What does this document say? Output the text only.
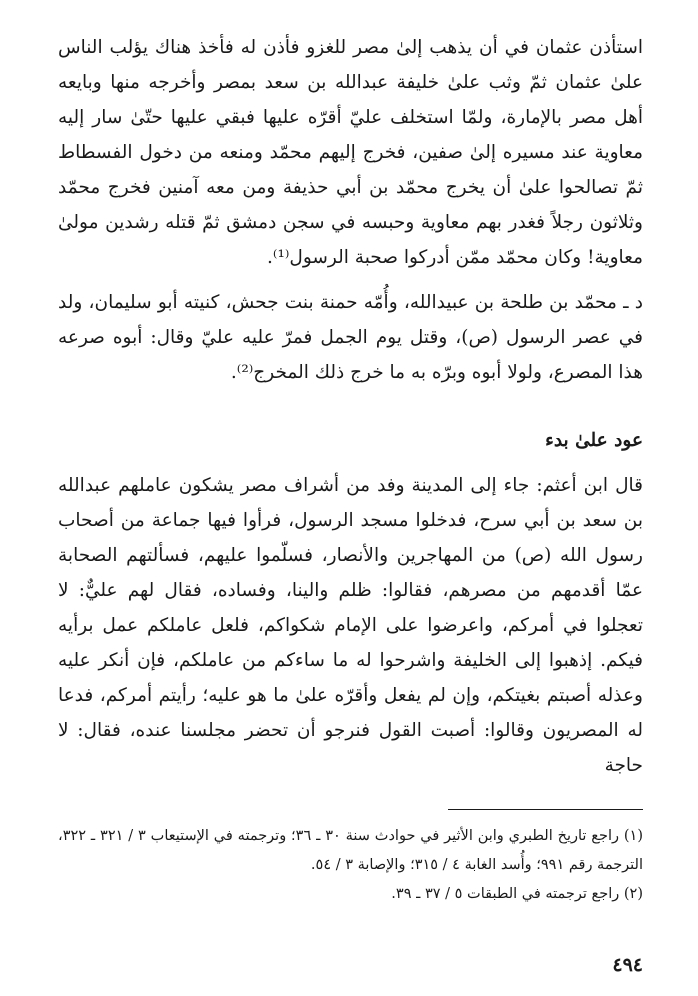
استأذن عثمان في أن يذهب إلىٰ مصر للغزو فأذن له فأخذ هناك يؤلب الناس علىٰ عثمان ثمّ وثب علىٰ خليفة عبدالله بن سعد بمصر وأخرجه منها وبايعه أهل مصر بالإمارة، ولمّا استخلف عليّ أقرّه عليها فبقي عليها حتّىٰ سار إليه معاوية عند مسيره إلىٰ صفين، فخرج إليهم محمّد ومنعه من دخول الفسطاط ثمّ تصالحوا علىٰ أن يخرج محمّد بن أبي حذيفة ومن معه آمنين فخرج محمّد وثلاثون رجلاً فغدر بهم معاوية وحبسه في سجن دمشق ثمّ قتله رشدين مولىٰ معاوية! وكان محمّد ممّن أدركوا صحبة الرسول⁽¹⁾.

د ـ محمّد بن طلحة بن عبيدالله، وأُمّه حمنة بنت جحش، كنيته أبو سليمان، ولد في عصر الرسول (ص)، وقتل يوم الجمل فمرّ عليه عليّ وقال: أبوه صرعه هذا المصرع، ولولا أبوه وبرّه به ما خرج ذلك المخرج⁽²⁾.

عود علىٰ بدء

قال ابن أعثم: جاء إلى المدينة وفد من أشراف مصر يشكون عاملهم عبدالله بن سعد بن أبي سرح، فدخلوا مسجد الرسول، فرأوا فيها جماعة من أصحاب رسول الله (ص) من المهاجرين والأنصار، فسلّموا عليهم، فسألتهم الصحابة عمّا أقدمهم من مصرهم، فقالوا: ظلم والينا، وفساده، فقال لهم عليٌّ: لا تعجلوا في أمركم، واعرضوا على الإمام شكواكم، فلعل عاملكم عمل برأيه فيكم. إذهبوا إلى الخليفة واشرحوا له ما ساءكم من عاملكم، فإن أنكر عليه وعذله أصبتم بغيتكم، وإن لم يفعل وأقرّه علىٰ ما هو عليه؛ رأيتم أمركم، فدعا له المصريون وقالوا: أصبت القول فنرجو أن تحضر مجلسنا عنده، فقال: لا حاجة

(١) راجع تاريخ الطبري وابن الأثير في حوادث سنة ٣٠ ـ ٣٦؛ وترجمته في الإستيعاب ٣ / ٣٢١ ـ ٣٢٢، الترجمة رقم ٩٩١؛ وأُسد الغابة ٤ / ٣١٥؛ والإصابة ٣ / ٥٤.

(٢) راجع ترجمته في الطبقات ٥ / ٣٧ ـ ٣٩.

٤٩٤
